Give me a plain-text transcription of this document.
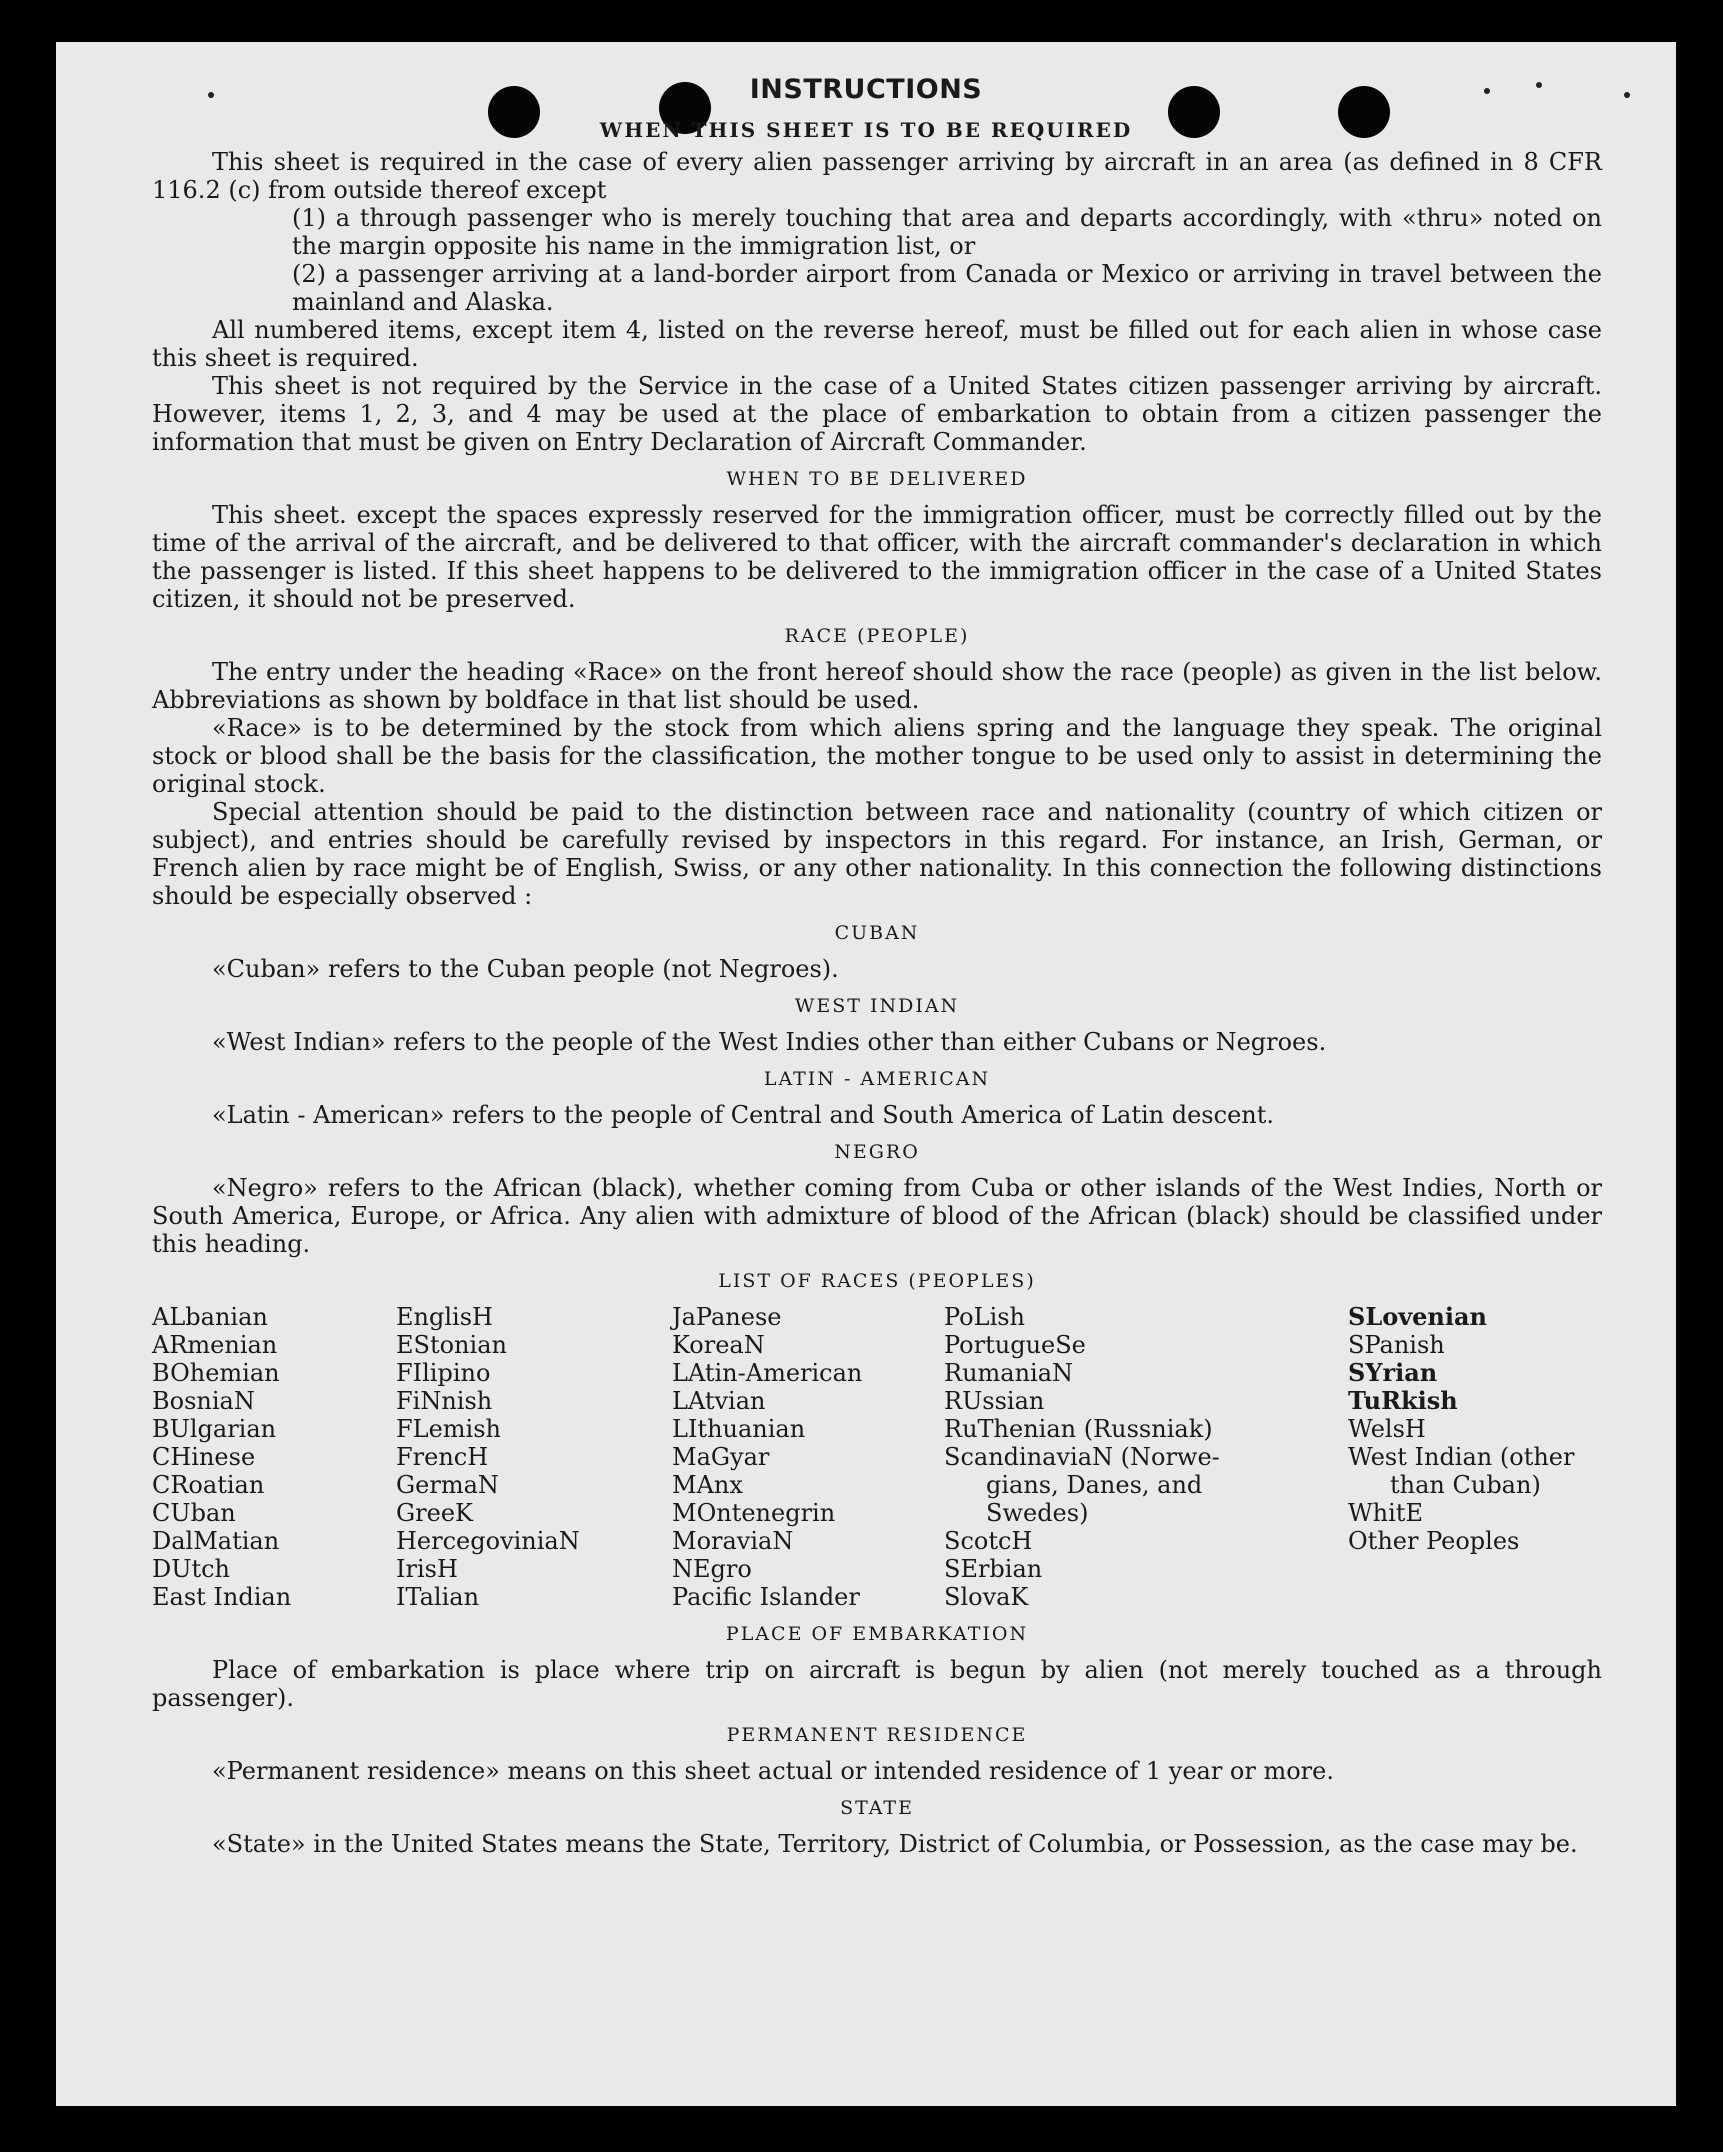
INSTRUCTIONS
WHEN THIS SHEET IS TO BE REQUIRED

This sheet is required in the case of every alien passenger arriving by aircraft in an area (as defined in 8 CFR 116.2 (c) from outside thereof except

(1) a through passenger who is merely touching that area and departs accordingly, with «thru» noted on the margin opposite his name in the immigration list, or

(2) a passenger arriving at a land-border airport from Canada or Mexico or arriving in travel between the mainland and Alaska.

All numbered items, except item 4, listed on the reverse hereof, must be filled out for each alien in whose case this sheet is required.

This sheet is not required by the Service in the case of a United States citizen passenger arriving by aircraft. However, items 1, 2, 3, and 4 may be used at the place of embarkation to obtain from a citizen passenger the information that must be given on Entry Declaration of Aircraft Commander.

WHEN TO BE DELIVERED

This sheet. except the spaces expressly reserved for the immigration officer, must be correctly filled out by the time of the arrival of the aircraft, and be delivered to that officer, with the aircraft commander's declaration in which the passenger is listed. If this sheet happens to be delivered to the immigration officer in the case of a United States citizen, it should not be preserved.

RACE (PEOPLE)

The entry under the heading «Race» on the front hereof should show the race (people) as given in the list below. Abbreviations as shown by boldface in that list should be used.

«Race» is to be determined by the stock from which aliens spring and the language they speak. The original stock or blood shall be the basis for the classification, the mother tongue to be used only to assist in determining the original stock.

Special attention should be paid to the distinction between race and nationality (country of which citizen or subject), and entries should be carefully revised by inspectors in this regard. For instance, an Irish, German, or French alien by race might be of English, Swiss, or any other nationality. In this connection the following distinctions should be especially observed :

CUBAN

«Cuban» refers to the Cuban people (not Negroes).

WEST INDIAN

«West Indian» refers to the people of the West Indies other than either Cubans or Negroes.

LATIN - AMERICAN

«Latin - American» refers to the people of Central and South America of Latin descent.

NEGRO

«Negro» refers to the African (black), whether coming from Cuba or other islands of the West Indies, North or South America, Europe, or Africa. Any alien with admixture of blood of the African (black) should be classified under this heading.

LIST OF RACES (PEOPLES)
ALbanian
ARmenian
BOhemian
BosniaN
BUlgarian
CHinese
CRoatian
CUban
DalMatian
DUtch
East Indian
EnglisH
EStonian
FIlipino
FiNnish
FLemish
FrencH
GermaN
GreeK
HercegoviniaN
IrisH
ITalian
JaPanese
KoreaN
LAtin-American
LAtvian
LIthuanian
MaGyar
MAnx
MOntenegrin
MoraviaN
NEgro
Pacific Islander
PoLish
PortugueSe
RumaniaN
RUssian
RuThenian (Russniak)
ScandinaviaN (Norwe-
gians, Danes, and
Swedes)
ScotcH
SErbian
SlovaK
SLovenian
SPanish
SYrian
TuRkish
WelsH
West Indian (other
than Cuban)
WhitE
Other Peoples
PLACE OF EMBARKATION

Place of embarkation is place where trip on aircraft is begun by alien (not merely touched as a through passenger).

PERMANENT RESIDENCE

«Permanent residence» means on this sheet actual or intended residence of 1 year or more.

STATE

«State» in the United States means the State, Territory, District of Columbia, or Possession, as the case may be.
